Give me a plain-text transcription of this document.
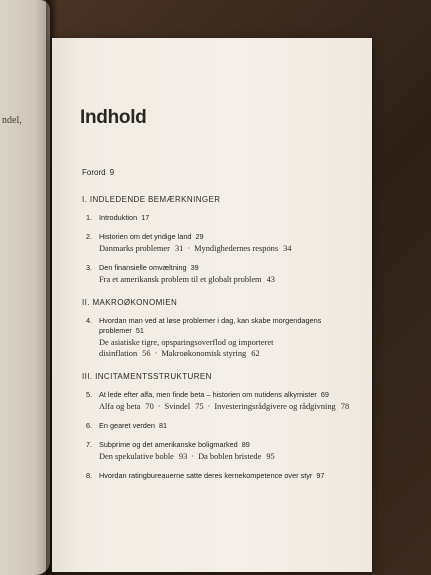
ndel,	Indhold
Forord 9
I. INDLEDENDE BEMÆRKNINGER
1. Introduktion 17
2. Historien om det yndige land 29
Danmarks problemer 31 · Myndighedernes respons 34
3. Den finansielle omvæltning 39
Fra et amerikansk problem til et globalt problem 43
II. MAKROØKONOMIEN
4. Hvordan man ved at løse problemer i dag, kan skabe morgendagens problemer 51
De asiatiske tigre, opsparingsoverflod og importeret disinflation 56 · Makroøkonomisk styring 62
III. INCITAMENTSSTRUKTUREN
5. At lede efter alfa, men finde beta – historien om nutidens alkymister 69
Alfa og beta 70 · Svindel 75 · Investeringsrådgivere og rådgivning 78
6. En gearet verden 81
7. Subprime og det amerikanske boligmarked 89
Den spekulative boble 93 · Da boblen bristede 95
8. Hvordan ratingbureauerne satte deres kernekompetence over styr 97
